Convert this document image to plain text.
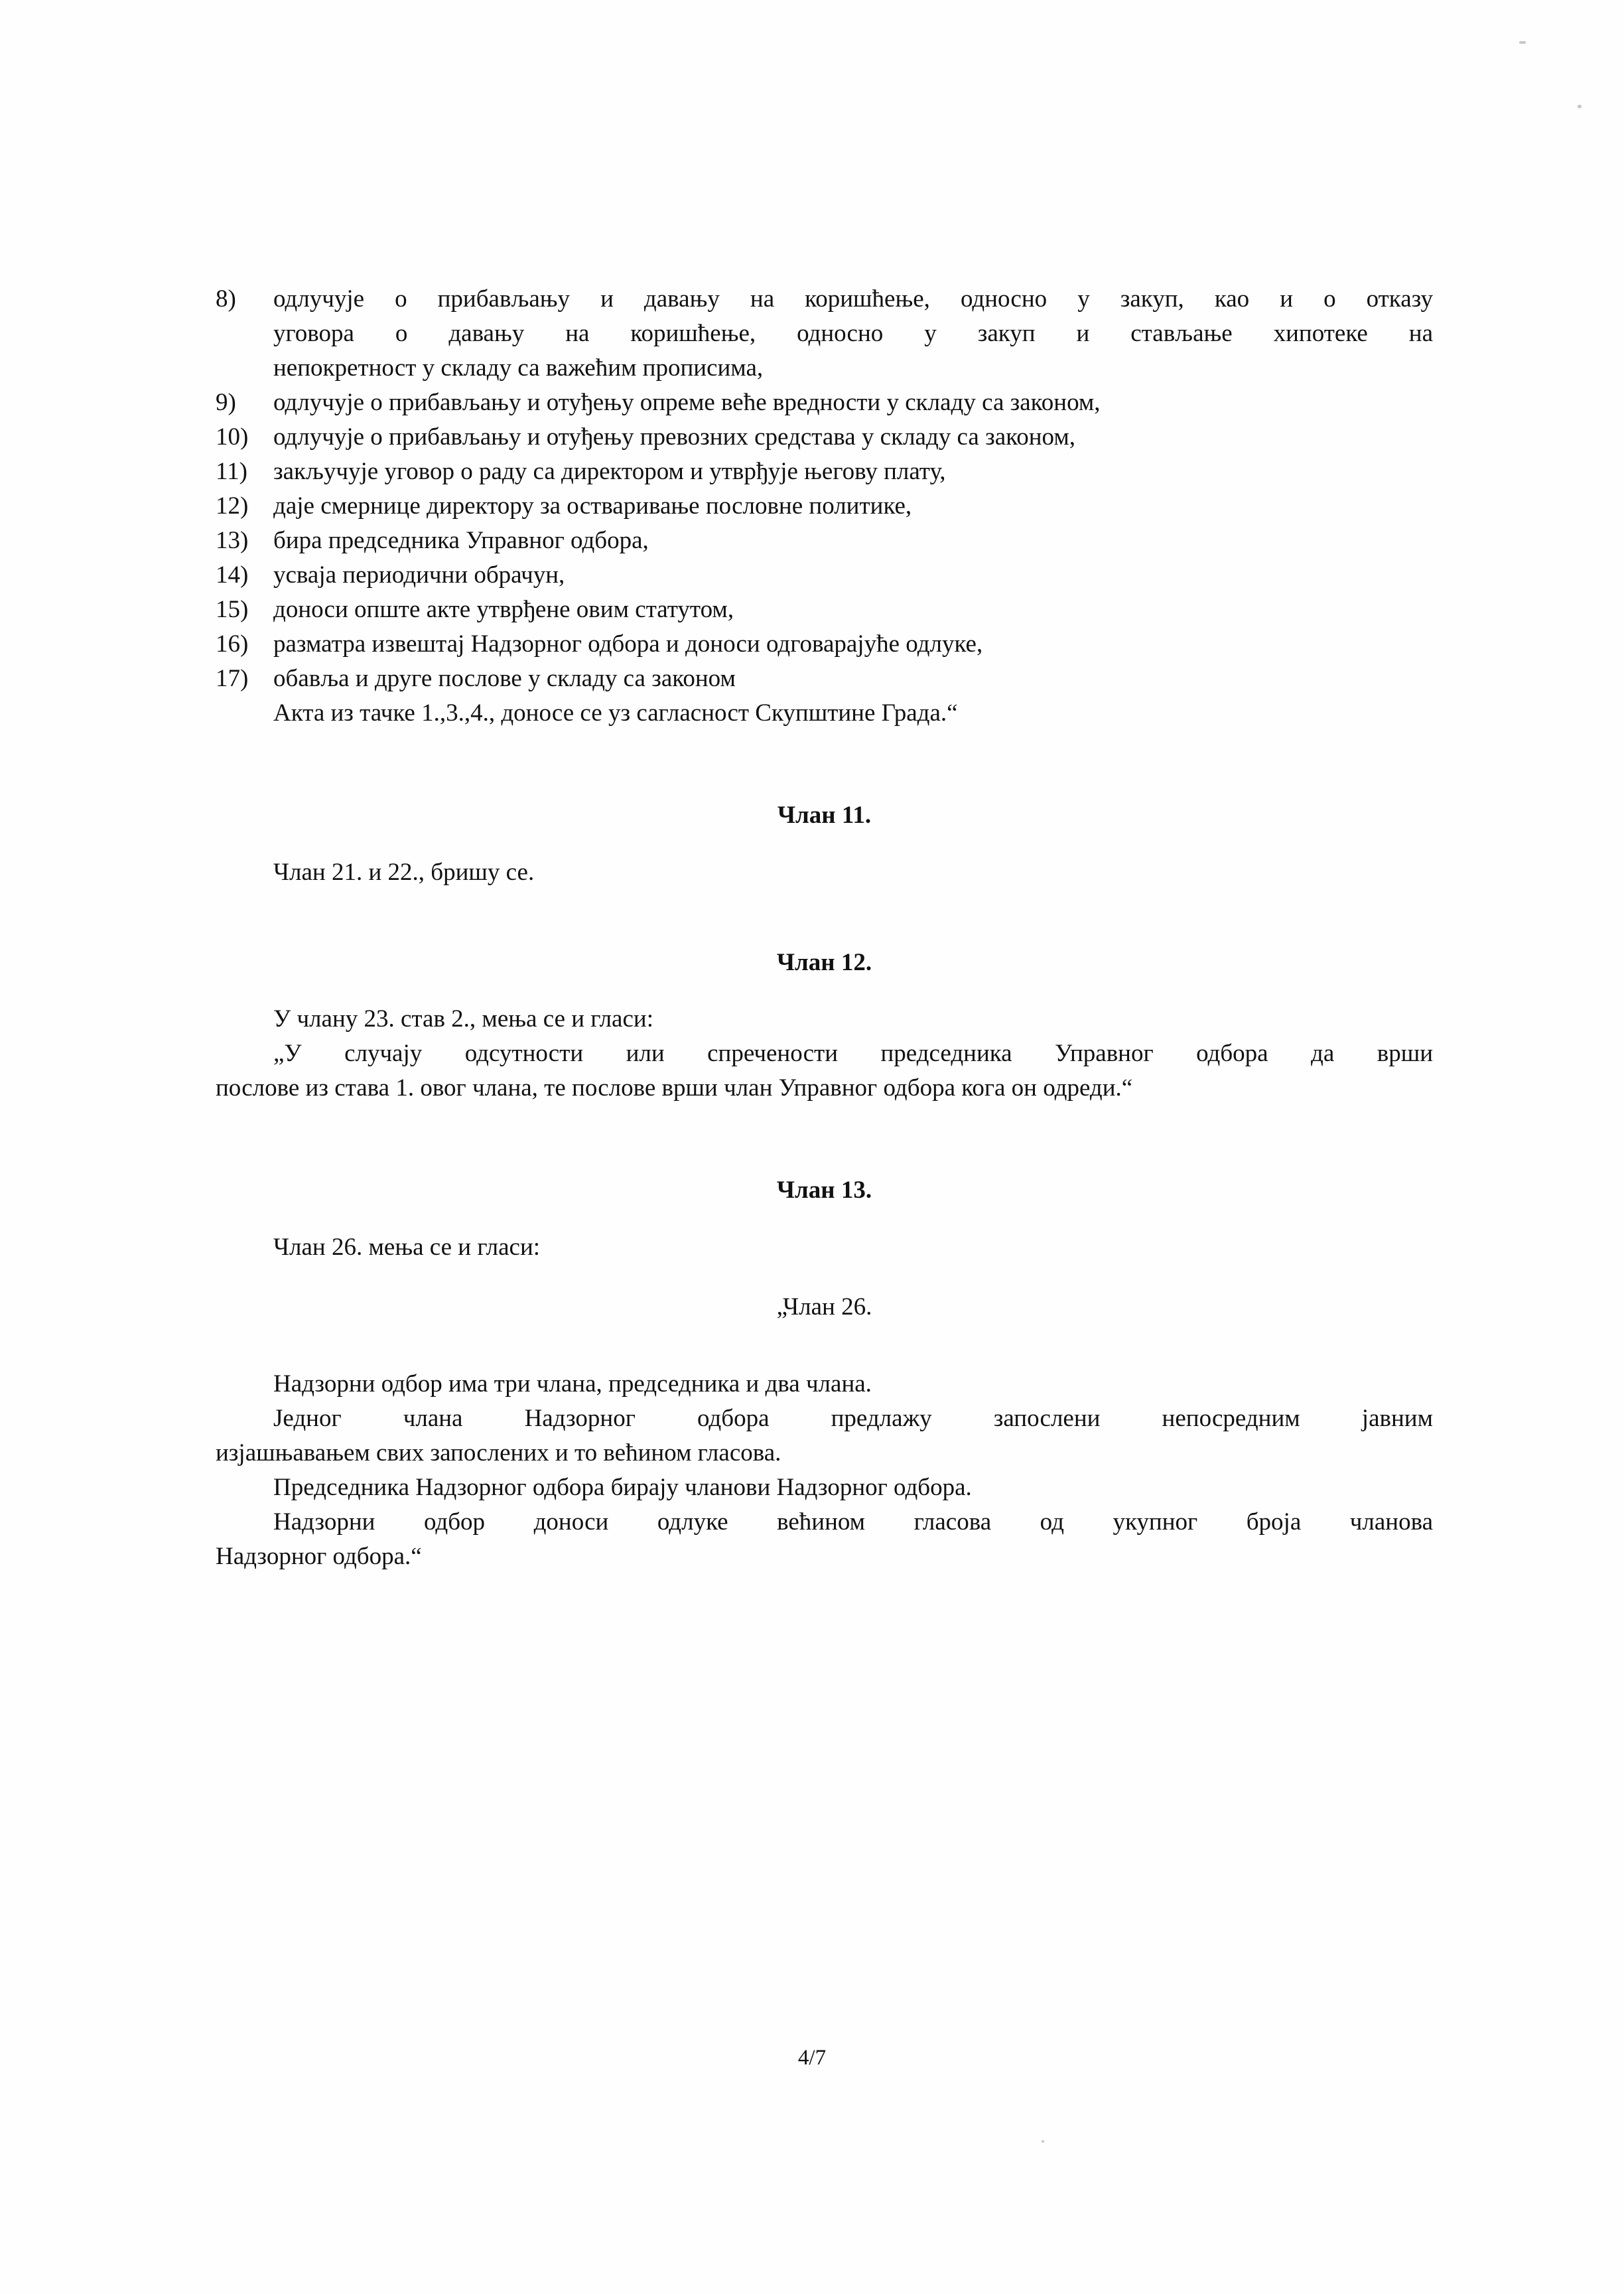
8)	одлучује о прибављању и давању на коришћење, односно у закуп, као и о отказу
уговора о давању на коришћење, односно у закуп и стављање хипотеке на
непокретност у складу са важећим прописима,
9)	одлучује о прибављању и отуђењу опреме веће вредности у складу са законом,
10)	одлучује о прибављању и отуђењу превозних средстава у складу са законом,
11)	закључује уговор о раду са директором и утврђује његову плату,
12)	даје смернице директору за остваривање пословне политике,
13)	бира председника Управног одбора,
14)	усваја периодични обрачун,
15)	доноси опште акте утврђене овим статутом,
16)	разматра извештај Надзорног одбора и доноси одговарајуће одлуке,
17)	обавља и друге послове у складу са законом
Акта из тачке 1.,3.,4., доносе се уз сагласност Скупштине Града.“
Члан 11.
Члан 21. и 22., бришу се.
Члан 12.
У члану 23. став 2., мења се и гласи:
„У случају одсутности или спречености председника Управног одбора да врши
послове из става 1. овог члана, те послове врши члан Управног одбора кога он одреди.“
Члан 13.
Члан 26. мења се и гласи:
„Члан 26.
Надзорни одбор има три члана, председника и два члана.
Једног члана Надзорног одбора предлажу запослени непосредним јавним
изјашњавањем свих запослених и то већином гласова.
Председника Надзорног одбора бирају чланови Надзорног одбора.
Надзорни одбор доноси одлуке већином гласова од укупног броја чланова
Надзорног одбора.“
4/7
